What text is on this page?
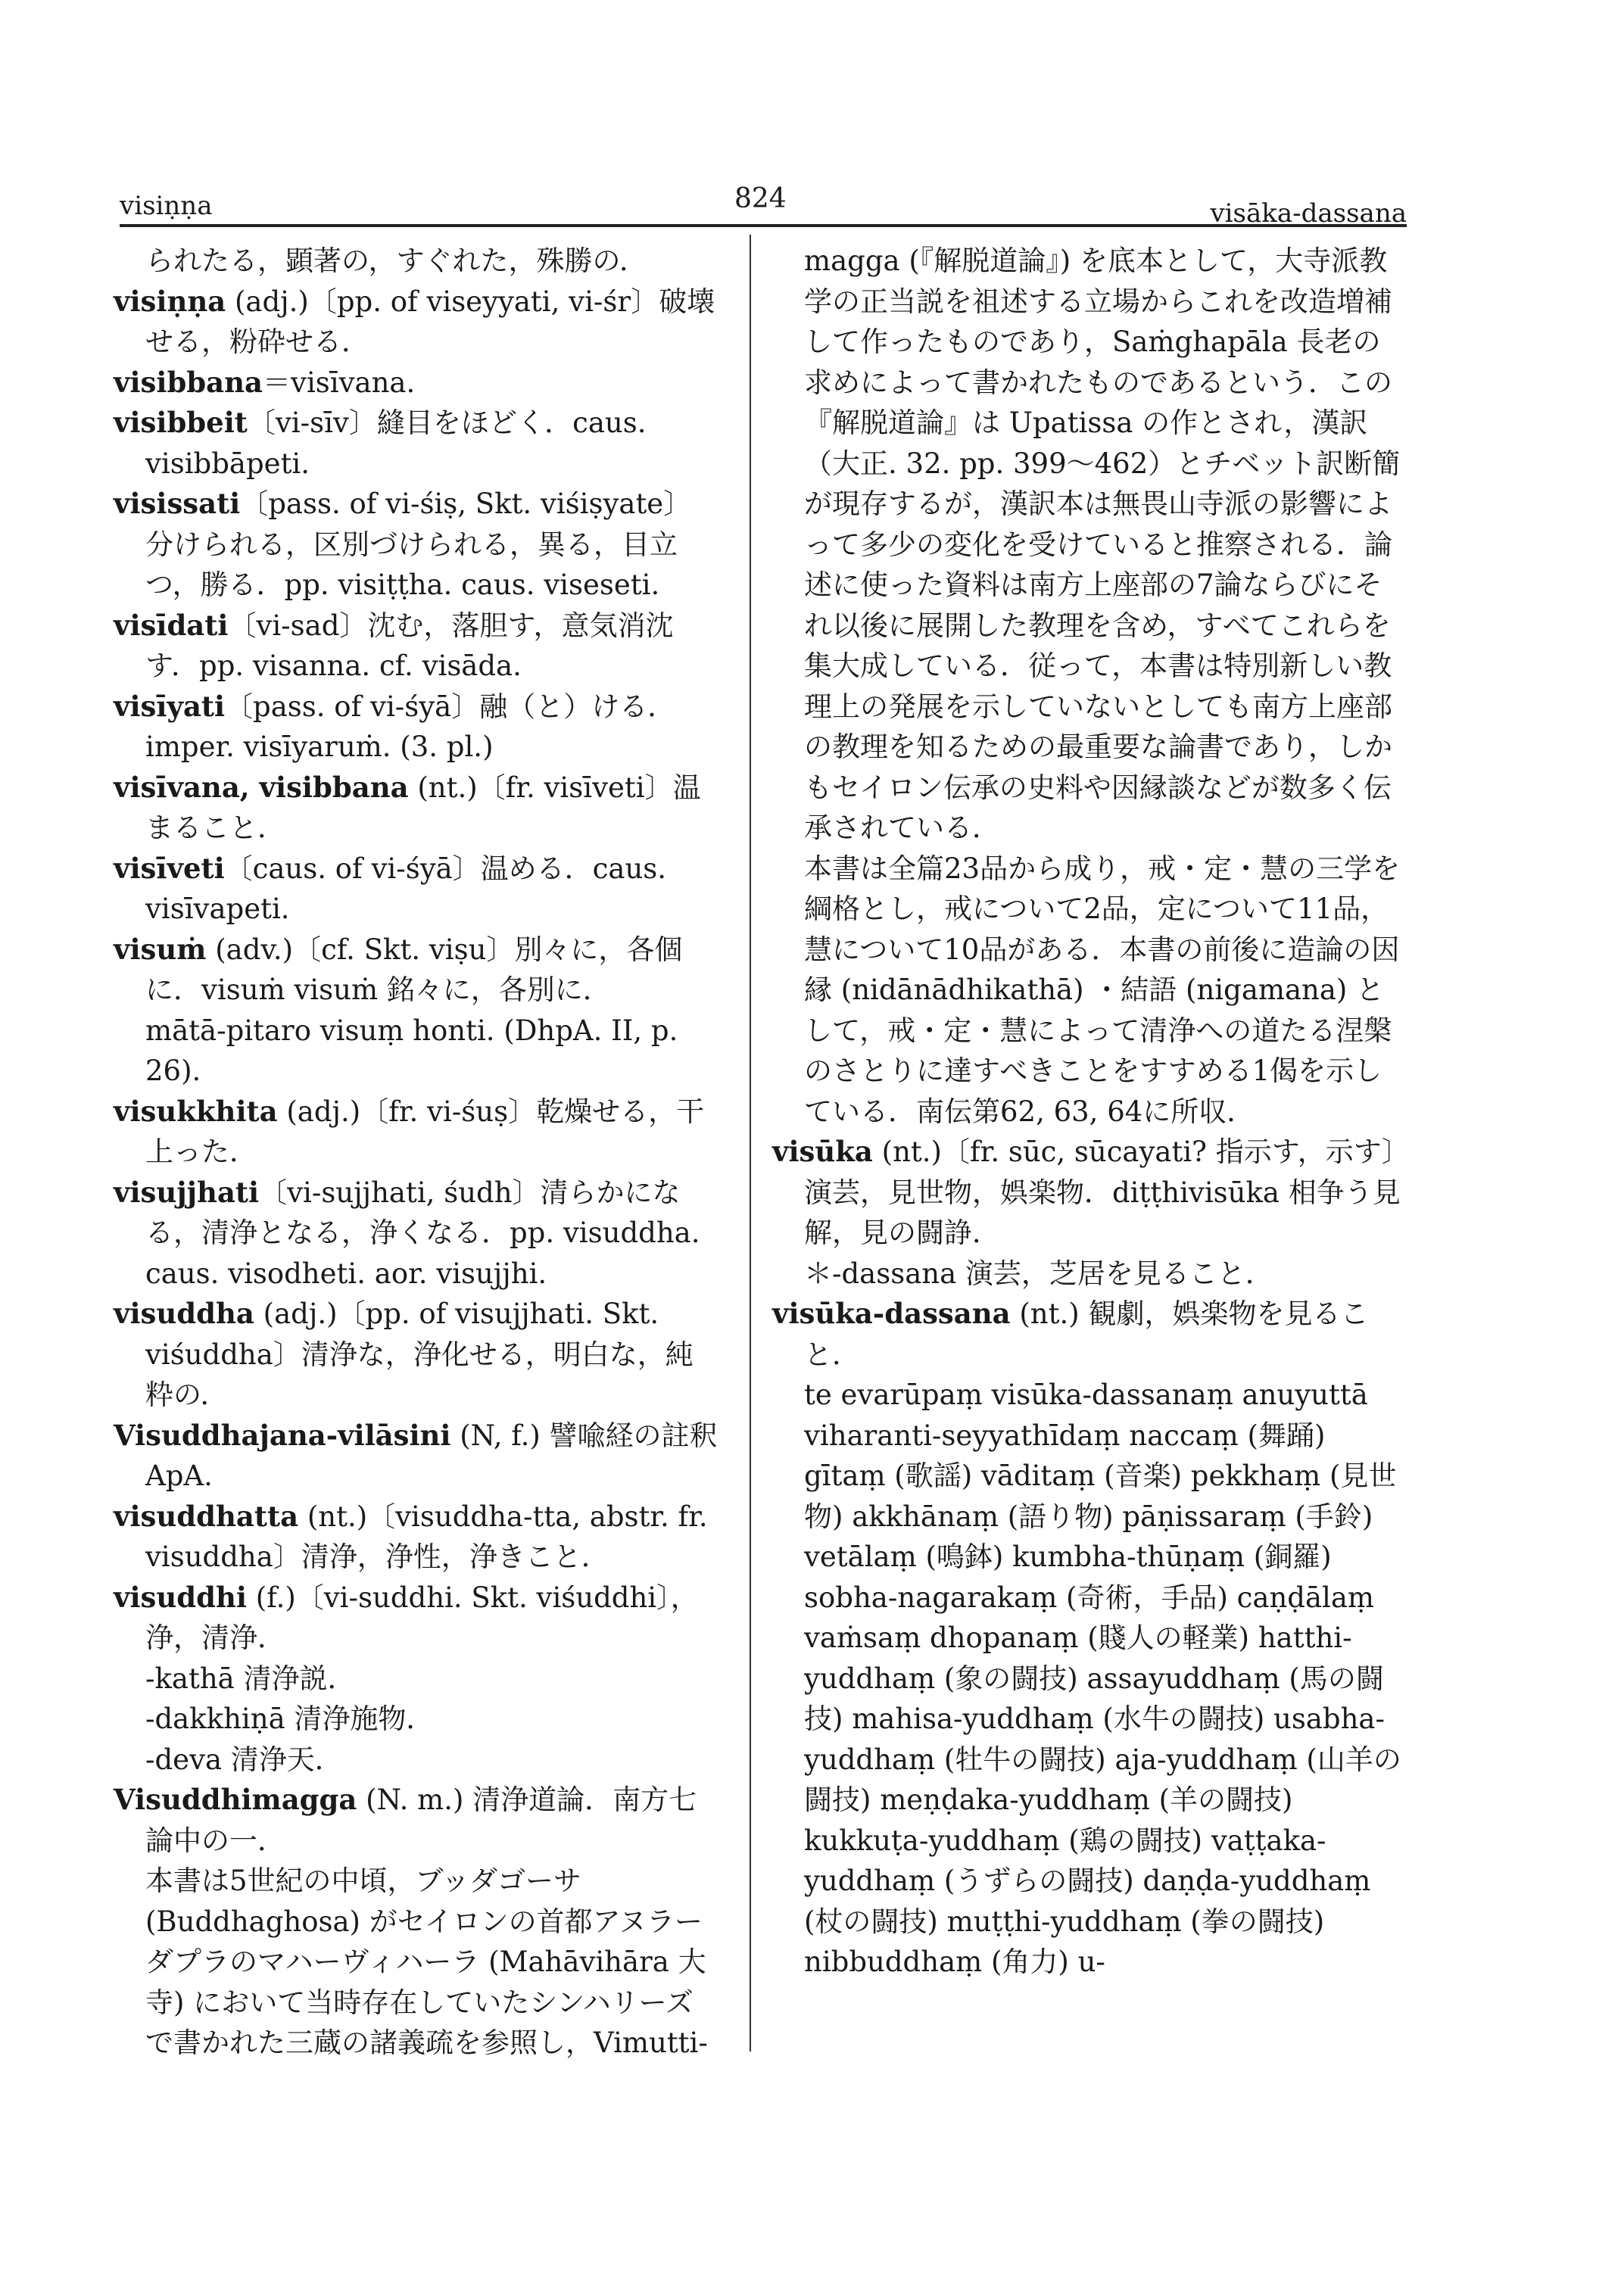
visiṇṇa	824	visāka-dassana

られたる，顕著の，すぐれた，殊勝の．

visiṇṇa (adj.)〔pp. of viseyyati, vi-śr〕破壊せる，粉砕せる．

visibbana＝visīvana.

visibbeit〔vi-sīv〕縫目をほどく．caus. visibbāpeti.

visissati〔pass. of vi-śiṣ, Skt. viśiṣyate〕分けられる，区別づけられる，異る，目立つ，勝る．pp. visiṭṭha. caus. viseseti.

visīdati〔vi-sad〕沈む，落胆す，意気消沈す．pp. visanna. cf. visāda.

visīyati〔pass. of vi-śyā〕融（と）ける．imper. visīyaruṁ. (3. pl.)

visīvana, visibbana (nt.)〔fr. visīveti〕温まること．

visīveti〔caus. of vi-śyā〕温める．caus. visīvapeti.

visuṁ (adv.)〔cf. Skt. viṣu〕別々に，各個に．visuṁ visuṁ 銘々に，各別に．

mātā-pitaro visuṃ honti. (DhpA. II, p. 26).

visukkhita (adj.)〔fr. vi-śuṣ〕乾燥せる，干上った．

visujjhati〔vi-sujjhati, śudh〕清らかになる，清浄となる，浄くなる．pp. visuddha. caus. visodheti. aor. visujjhi.

visuddha (adj.)〔pp. of visujjhati. Skt. viśuddha〕清浄な，浄化せる，明白な，純粋の．

Visuddhajana-vilāsini (N, f.) 譬喩経の註釈 ApA.

visuddhatta (nt.)〔visuddha-tta, abstr. fr. visuddha〕清浄，浄性，浄きこと．

visuddhi (f.)〔vi-suddhi. Skt. viśuddhi〕，浄，清浄．

-kathā 清浄説．

-dakkhiṇā 清浄施物．

-deva 清浄天．

Visuddhimagga (N. m.) 清浄道論．南方七論中の一．

本書は5世紀の中頃，ブッダゴーサ (Buddhaghosa) がセイロンの首都アヌラーダプラのマハーヴィハーラ (Mahāvihāra 大寺) において当時存在していたシンハリーズで書かれた三蔵の諸義疏を参照し，Vimutti-

magga (『解脱道論』) を底本として，大寺派教学の正当説を祖述する立場からこれを改造増補して作ったものであり，Saṁghapāla 長老の求めによって書かれたものであるという．この『解脱道論』は Upatissa の作とされ，漢訳（大正. 32. pp. 399〜462）とチベット訳断簡が現存するが，漢訳本は無畏山寺派の影響によって多少の変化を受けていると推察される．論述に使った資料は南方上座部の7論ならびにそれ以後に展開した教理を含め，すべてこれらを集大成している．従って，本書は特別新しい教理上の発展を示していないとしても南方上座部の教理を知るための最重要な論書であり，しかもセイロン伝承の史料や因縁談などが数多く伝承されている．

本書は全篇23品から成り，戒・定・慧の三学を綱格とし，戒について2品，定について11品，慧について10品がある．本書の前後に造論の因縁 (nidānādhikathā) ・結語 (nigamana) として，戒・定・慧によって清浄への道たる涅槃のさとりに達すべきことをすすめる1偈を示している．南伝第62, 63, 64に所収．

visūka (nt.)〔fr. sūc, sūcayati? 指示す，示す〕演芸，見世物，娯楽物．diṭṭhivisūka 相争う見解，見の闘諍．

＊-dassana 演芸，芝居を見ること．

visūka-dassana (nt.) 観劇，娯楽物を見ること．

te evarūpaṃ visūka-dassanaṃ anuyuttā viharanti-seyyathīdaṃ naccaṃ (舞踊) gītaṃ (歌謡) vāditaṃ (音楽) pekkhaṃ (見世物) akkhānaṃ (語り物) pāṇissaraṃ (手鈴) vetālaṃ (鳴鉢) kumbha-thūṇaṃ (銅羅) sobha-nagarakaṃ (奇術，手品) caṇḍālaṃ vaṁsaṃ dhopanaṃ (賤人の軽業) hatthi-yuddhaṃ (象の闘技) assayuddhaṃ (馬の闘技) mahisa-yuddhaṃ (水牛の闘技) usabha-yuddhaṃ (牡牛の闘技) aja-yuddhaṃ (山羊の闘技) meṇḍaka-yuddhaṃ (羊の闘技) kukkuṭa-yuddhaṃ (鶏の闘技) vaṭṭaka-yuddhaṃ (うずらの闘技) daṇḍa-yuddhaṃ (杖の闘技) muṭṭhi-yuddhaṃ (拳の闘技) nibbuddhaṃ (角力) u-
